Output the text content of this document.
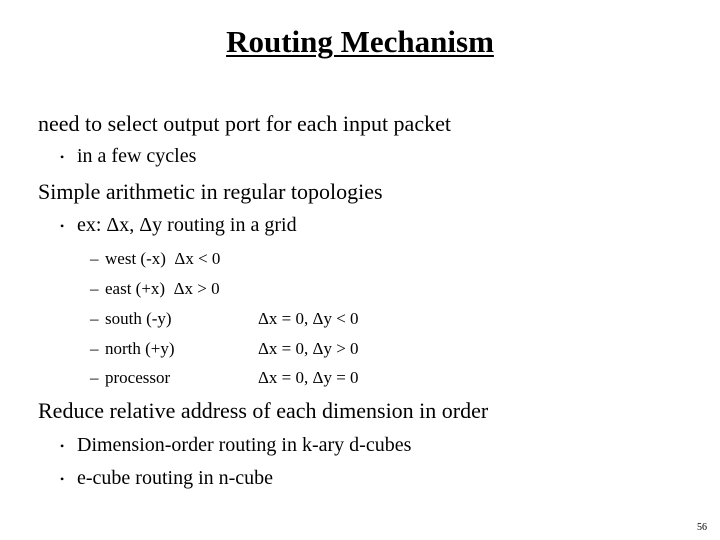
Routing Mechanism
need to select output port for each input packet
• in a few cycles
Simple arithmetic in regular topologies
• ex: Δx, Δy routing in a grid
– west (-x)  Δx < 0
– east (+x)  Δx > 0
– south (-y)	Δx = 0, Δy < 0
– north (+y)	Δx = 0, Δy > 0
– processor	Δx = 0, Δy = 0
Reduce relative address of each dimension in order
• Dimension-order routing in k-ary d-cubes
• e-cube routing in n-cube
56
